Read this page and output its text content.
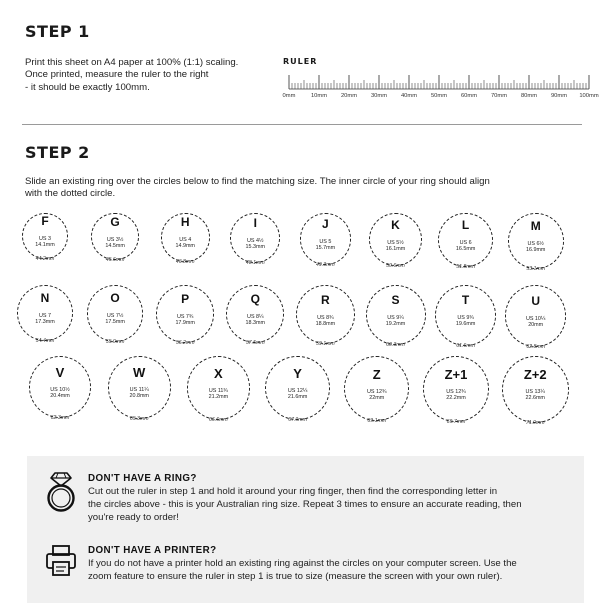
STEP 1
Print this sheet on A4 paper at 100% (1:1) scaling.
Once printed, measure the ruler to the right
- it should be exactly 100mm.
RULER
0mm	10mm 20mm 30mm 40mm 50mm 60mm 70mm 80mm 90mm 100mm
STEP 2
Slide an existing ring over the circles below to find the matching size. The inner circle of your ring should align
with the dotted circle.
F
US 3
14.1mm
44.2mm
G
US 3½
14.5mm
45.6mm
H
US 4
14.9mm
46.8mm
I
US 4½
15.3mm
48.1mm
J
US 5
15.7mm
49.3mm
K
US 5½
16.1mm
50.6mm
L
US 6
16.5mm
51.8mm
M
US 6½
16.9mm
53.1mm
N
US 7
17.3mm
54.4mm
O
US 7½
17.5mm
55.0mm
P
US 7¾
17.9mm
56.2mm
Q
US 8¼
18.3mm
57.5mm
R
US 8¾
18.8mm
59.1mm
S
US 9¼
19.2mm
60.3mm
T
US 9¾
19.6mm
61.6mm
U
US 10¼
20mm
62.8mm
V
US 10½
20.4mm
62.3mm
W
US 11¼
20.8mm
65.3mm
X
US 11¾
21.2mm
66.6mm
Y
US 12¼
21.6mm
67.9mm
Z
US 12¾
22mm
69.1mm
Z+1
US 12¾
22.2mm
69.7mm
Z+2
US 13¼
22.6mm
71.0mm
DON'T HAVE A RING?
Cut out the ruler in step 1 and hold it around your ring finger, then find the corresponding letter in
the circles above - this is your Australian ring size. Repeat 3 times to ensure an accurate reading, then
you're ready to order!
DON'T HAVE A PRINTER?
If you do not have a printer hold an existing ring against the circles on your computer screen. Use the
zoom feature to ensure the ruler in step 1 is true to size (measure the screen with your own ruler).
